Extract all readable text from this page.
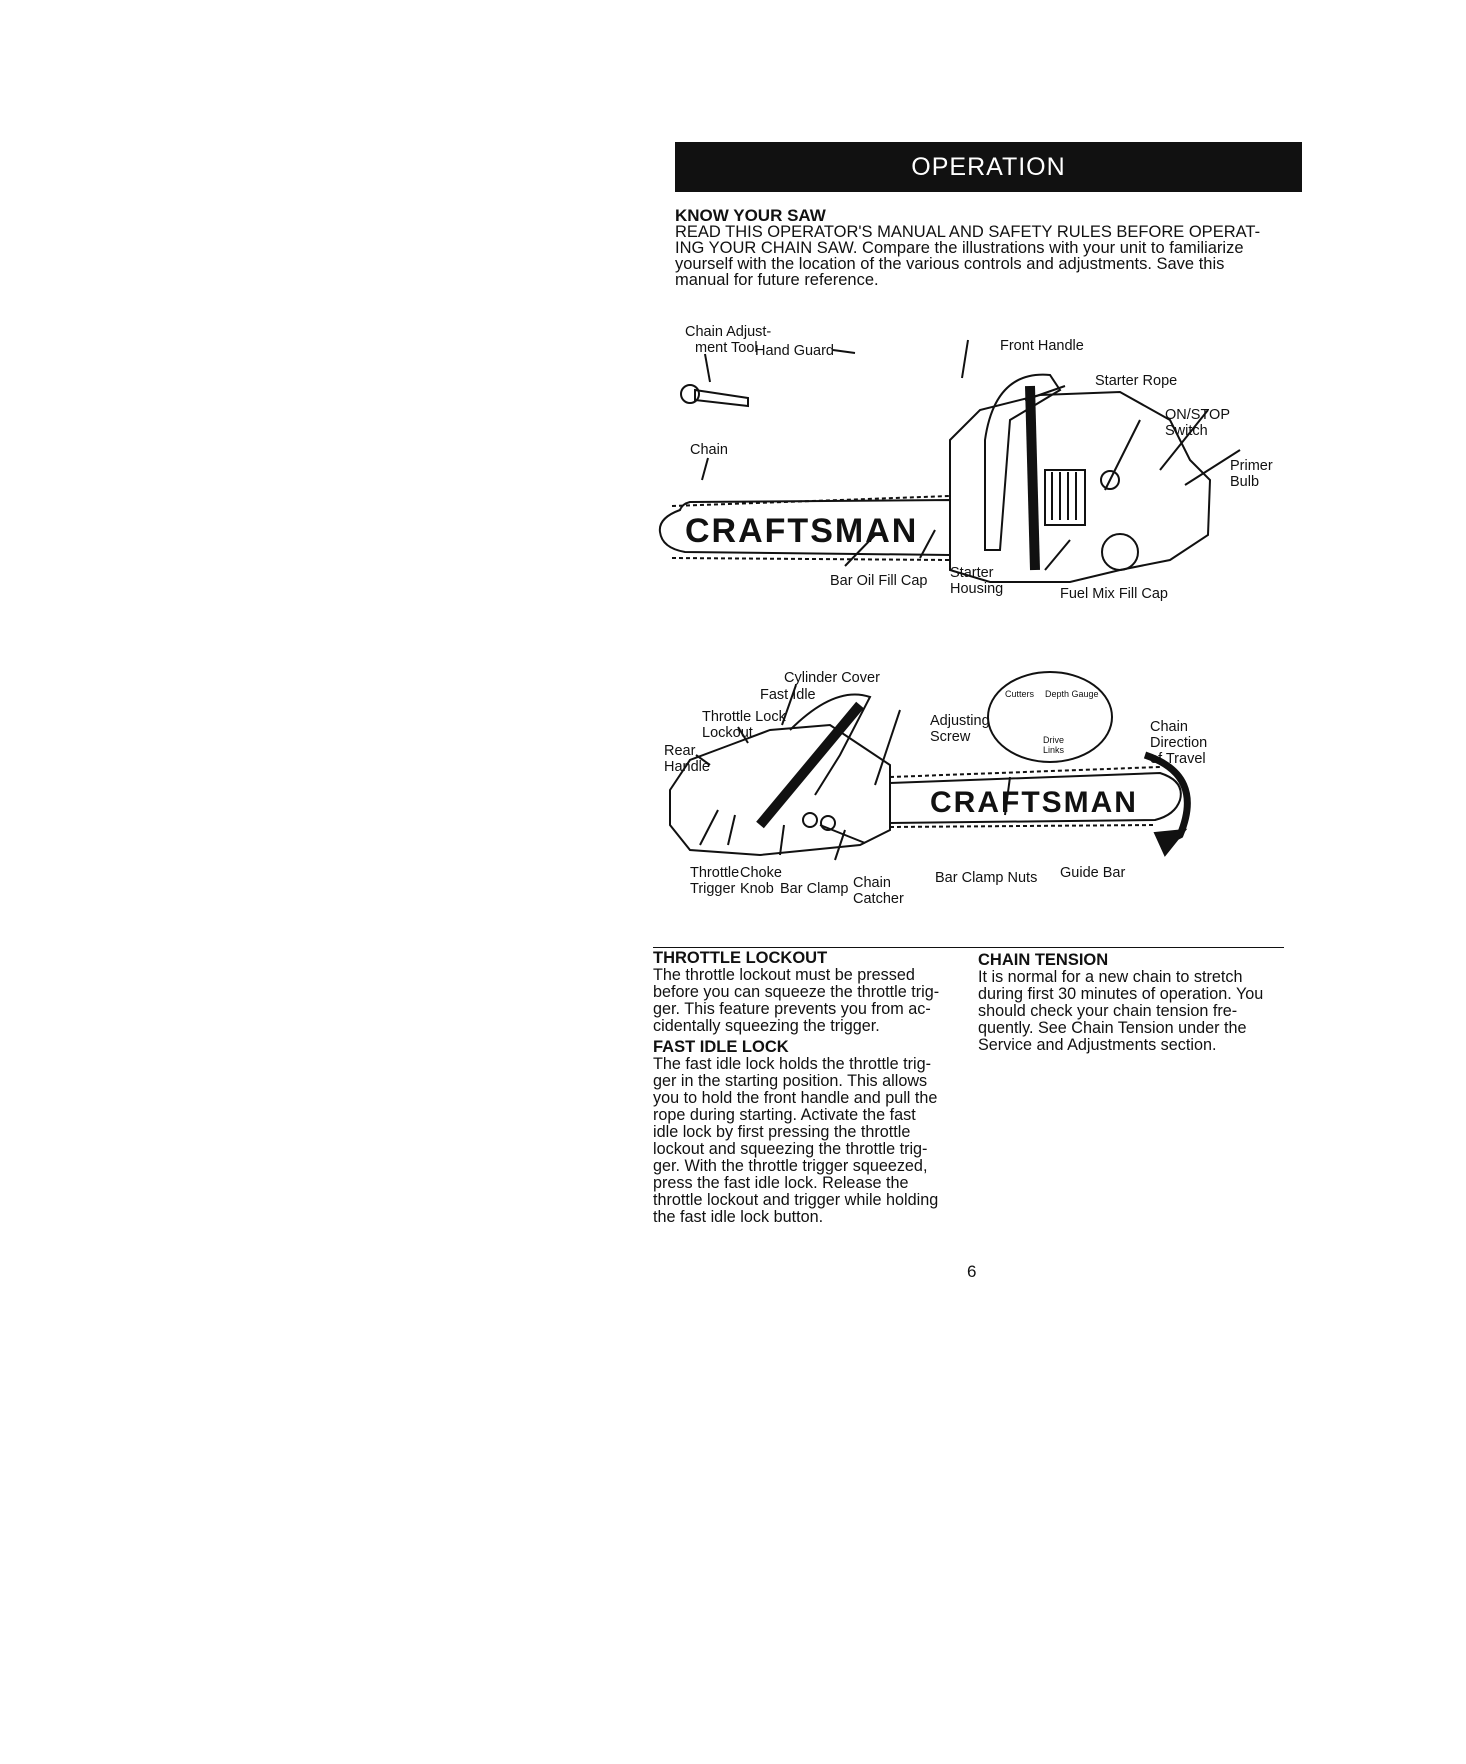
OPERATION
KNOW YOUR SAW
READ THIS OPERATOR'S MANUAL AND SAFETY RULES BEFORE OPERAT-
ING YOUR CHAIN SAW. Compare the illustrations with your unit to familiarize
yourself with the location of the various controls and adjustments. Save this
manual for future reference.
CRAFTSMAN
Chain Adjust-
ment Tool
Hand Guard	Front Handle
Starter Rope
ON/STOP
Switch
Primer
Bulb
Chain
Bar Oil Fill Cap Starter
Housing	Fuel Mix Fill Cap
CRAFTSMAN
Cylinder Cover
Fast Idle
Throttle Lock
Lockout
Rear
Handle
Adjusting
Screw
Cutters Depth Gauge
Drive
Links
Chain
Direction
of Travel
Throttle
Trigger
Choke
Knob Bar Clamp Chain
Catcher
Bar Clamp Nuts Guide Bar
THROTTLE LOCKOUT
The throttle lockout must be pressed
before you can squeeze the throttle trig-
ger. This feature prevents you from ac-
cidentally squeezing the trigger.
FAST IDLE LOCK
The fast idle lock holds the throttle trig-
ger in the starting position. This allows
you to hold the front handle and pull the
rope during starting. Activate the fast
idle lock by first pressing the throttle
lockout and squeezing the throttle trig-
ger. With the throttle trigger squeezed,
press the fast idle lock. Release the
throttle lockout and trigger while holding
the fast idle lock button.
CHAIN TENSION
It is normal for a new chain to stretch
during first 30 minutes of operation. You
should check your chain tension fre-
quently. See Chain Tension under the
Service and Adjustments section.
6
